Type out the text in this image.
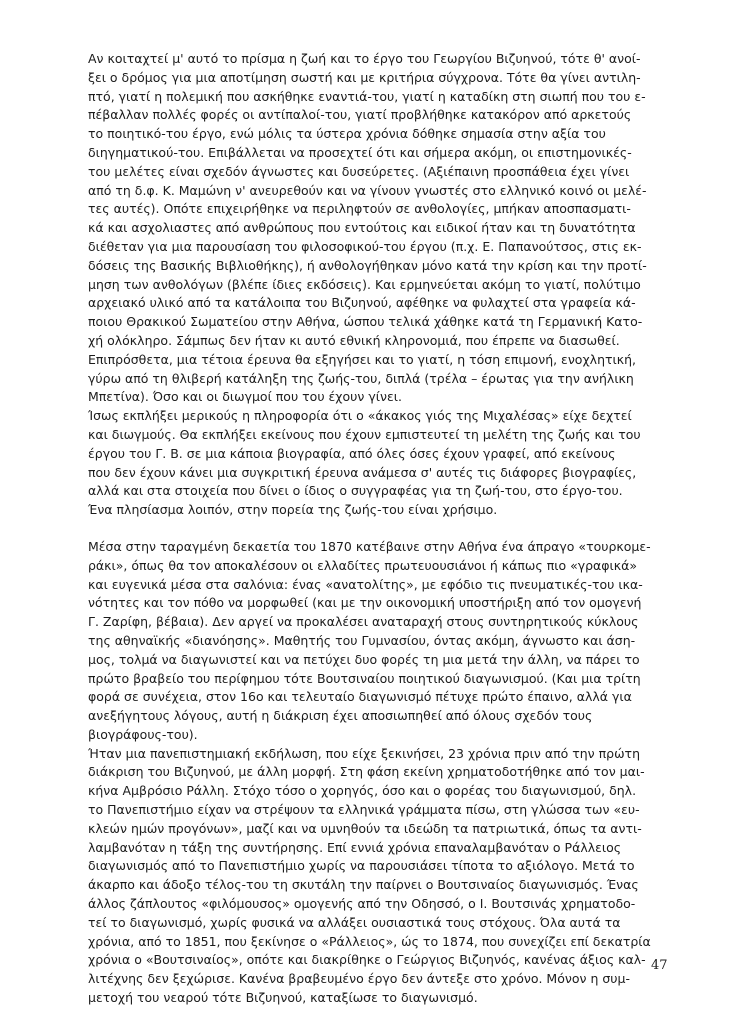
Αν κοιταχτεί μ' αυτό το πρίσμα η ζωή και το έργο του Γεωργίου Βιζυηνού, τότε θ' ανοί-
ξει ο δρόμος για μια αποτίμηση σωστή και με κριτήρια σύγχρονα. Τότε θα γίνει αντιλη-
πτό, γιατί η πολεμική που ασκήθηκε εναντιά-του, γιατί η καταδίκη στη σιωπή που του ε-
πέβαλλαν πολλές φορές οι αντίπαλοί-του, γιατί προβλήθηκε κατακόρον από αρκετούς
το ποιητικό-του έργο, ενώ μόλις τα ύστερα χρόνια δόθηκε σημασία στην αξία του
διηγηματικού-του. Επιβάλλεται να προσεχτεί ότι και σήμερα ακόμη, οι επιστημονικές-
του μελέτες είναι σχεδόν άγνωστες και δυσεύρετες. (Αξιέπαινη προσπάθεια έχει γίνει
από τη δ.φ. Κ. Μαμώνη ν' ανευρεθούν και να γίνουν γνωστές στο ελληνικό κοινό οι μελέ-
τες αυτές). Οπότε επιχειρήθηκε να περιληφτούν σε ανθολογίες, μπήκαν αποσπασματι-
κά και ασχολιαστες από ανθρώπους που εντούτοις και ειδικοί ήταν και τη δυνατότητα
διέθεταν για μια παρουσίαση του φιλοσοφικού-του έργου (π.χ. Ε. Παπανούτσος, στις εκ-
δόσεις της Βασικής Βιβλιοθήκης), ή ανθολογήθηκαν μόνο κατά την κρίση και την προτί-
μηση των ανθολόγων (βλέπε ίδιες εκδόσεις). Και ερμηνεύεται ακόμη το γιατί, πολύτιμο
αρχειακό υλικό από τα κατάλοιπα του Βιζυηνού, αφέθηκε να φυλαχτεί στα γραφεία κά-
ποιου Θρακικού Σωματείου στην Αθήνα, ώσπου τελικά χάθηκε κατά τη Γερμανική Κατο-
χή ολόκληρο. Σάμπως δεν ήταν κι αυτό εθνική κληρονομιά, που έπρεπε να διασωθεί.
Επιπρόσθετα, μια τέτοια έρευνα θα εξηγήσει και το γιατί, η τόση επιμονή, ενοχλητική,
γύρω από τη θλιβερή κατάληξη της ζωής-του, διπλά (τρέλα – έρωτας για την ανήλικη
Μπετίνα). Όσο και οι διωγμοί που του έχουν γίνει.
Ίσως εκπλήξει μερικούς η πληροφορία ότι ο «άκακος γιός της Μιχαλέσας» είχε δεχτεί
και διωγμούς. Θα εκπλήξει εκείνους που έχουν εμπιστευτεί τη μελέτη της ζωής και του
έργου του Γ. Β. σε μια κάποια βιογραφία, από όλες όσες έχουν γραφεί, από εκείνους
που δεν έχουν κάνει μια συγκριτική έρευνα ανάμεσα σ' αυτές τις διάφορες βιογραφίες,
αλλά και στα στοιχεία που δίνει ο ίδιος ο συγγραφέας για τη ζωή-του, στο έργο-του.
Ένα πλησίασμα λοιπόν, στην πορεία της ζωής-του είναι χρήσιμο.
Μέσα στην ταραγμένη δεκαετία του 1870 κατέβαινε στην Αθήνα ένα άπραγο «τουρκομε-
ράκι», όπως θα τον αποκαλέσουν οι ελλαδίτες πρωτευουσιάνοι ή κάπως πιο «γραφικά»
και ευγενικά μέσα στα σαλόνια: ένας «ανατολίτης», με εφόδιο τις πνευματικές-του ικα-
νότητες και τον πόθο να μορφωθεί (και με την οικονομική υποστήριξη από τον ομογενή
Γ. Ζαρίφη, βέβαια). Δεν αργεί να προκαλέσει αναταραχή στους συντηρητικούς κύκλους
της αθηναϊκής «διανόησης». Μαθητής του Γυμνασίου, όντας ακόμη, άγνωστο και άση-
μος, τολμά να διαγωνιστεί και να πετύχει δυο φορές τη μια μετά την άλλη, να πάρει το
πρώτο βραβείο του περίφημου τότε Βουτσιναίου ποιητικού διαγωνισμού. (Και μια τρίτη
φορά σε συνέχεια, στον 16ο και τελευταίο διαγωνισμό πέτυχε πρώτο έπαινο, αλλά για
ανεξήγητους λόγους, αυτή η διάκριση έχει αποσιωπηθεί από όλους σχεδόν τους
βιογράφους-του).
Ήταν μια πανεπιστημιακή εκδήλωση, που είχε ξεκινήσει, 23 χρόνια πριν από την πρώτη
διάκριση του Βιζυηνού, με άλλη μορφή. Στη φάση εκείνη χρηματοδοτήθηκε από τον μαι-
κήνα Αμβρόσιο Ράλλη. Στόχο τόσο ο χορηγός, όσο και ο φορέας του διαγωνισμού, δηλ.
το Πανεπιστήμιο είχαν να στρέψουν τα ελληνικά γράμματα πίσω, στη γλώσσα των «ευ-
κλεών ημών προγόνων», μαζί και να υμνηθούν τα ιδεώδη τα πατριωτικά, όπως τα αντι-
λαμβανόταν η τάξη της συντήρησης. Επί εννιά χρόνια επαναλαμβανόταν ο Ράλλειος
διαγωνισμός από το Πανεπιστήμιο χωρίς να παρουσιάσει τίποτα το αξιόλογο. Μετά το
άκαρπο και άδοξο τέλος-του τη σκυτάλη την παίρνει ο Βουτσιναίος διαγωνισμός. Ένας
άλλος ζάπλουτος «φιλόμουσος» ομογενής από την Οδησσό, ο Ι. Βουτσινάς χρηματοδο-
τεί το διαγωνισμό, χωρίς φυσικά να αλλάξει ουσιαστικά τους στόχους. Όλα αυτά τα
χρόνια, από το 1851, που ξεκίνησε ο «Ράλλειος», ώς το 1874, που συνεχίζει επί δεκατρία
χρόνια ο «Βουτσιναίος», οπότε και διακρίθηκε ο Γεώργιος Βιζυηνός, κανένας άξιος καλ-
λιτέχνης δεν ξεχώρισε. Κανένα βραβευμένο έργο δεν άντεξε στο χρόνο. Μόνον η συμ-
μετοχή του νεαρού τότε Βιζυηνού, καταξίωσε το διαγωνισμό.
47
